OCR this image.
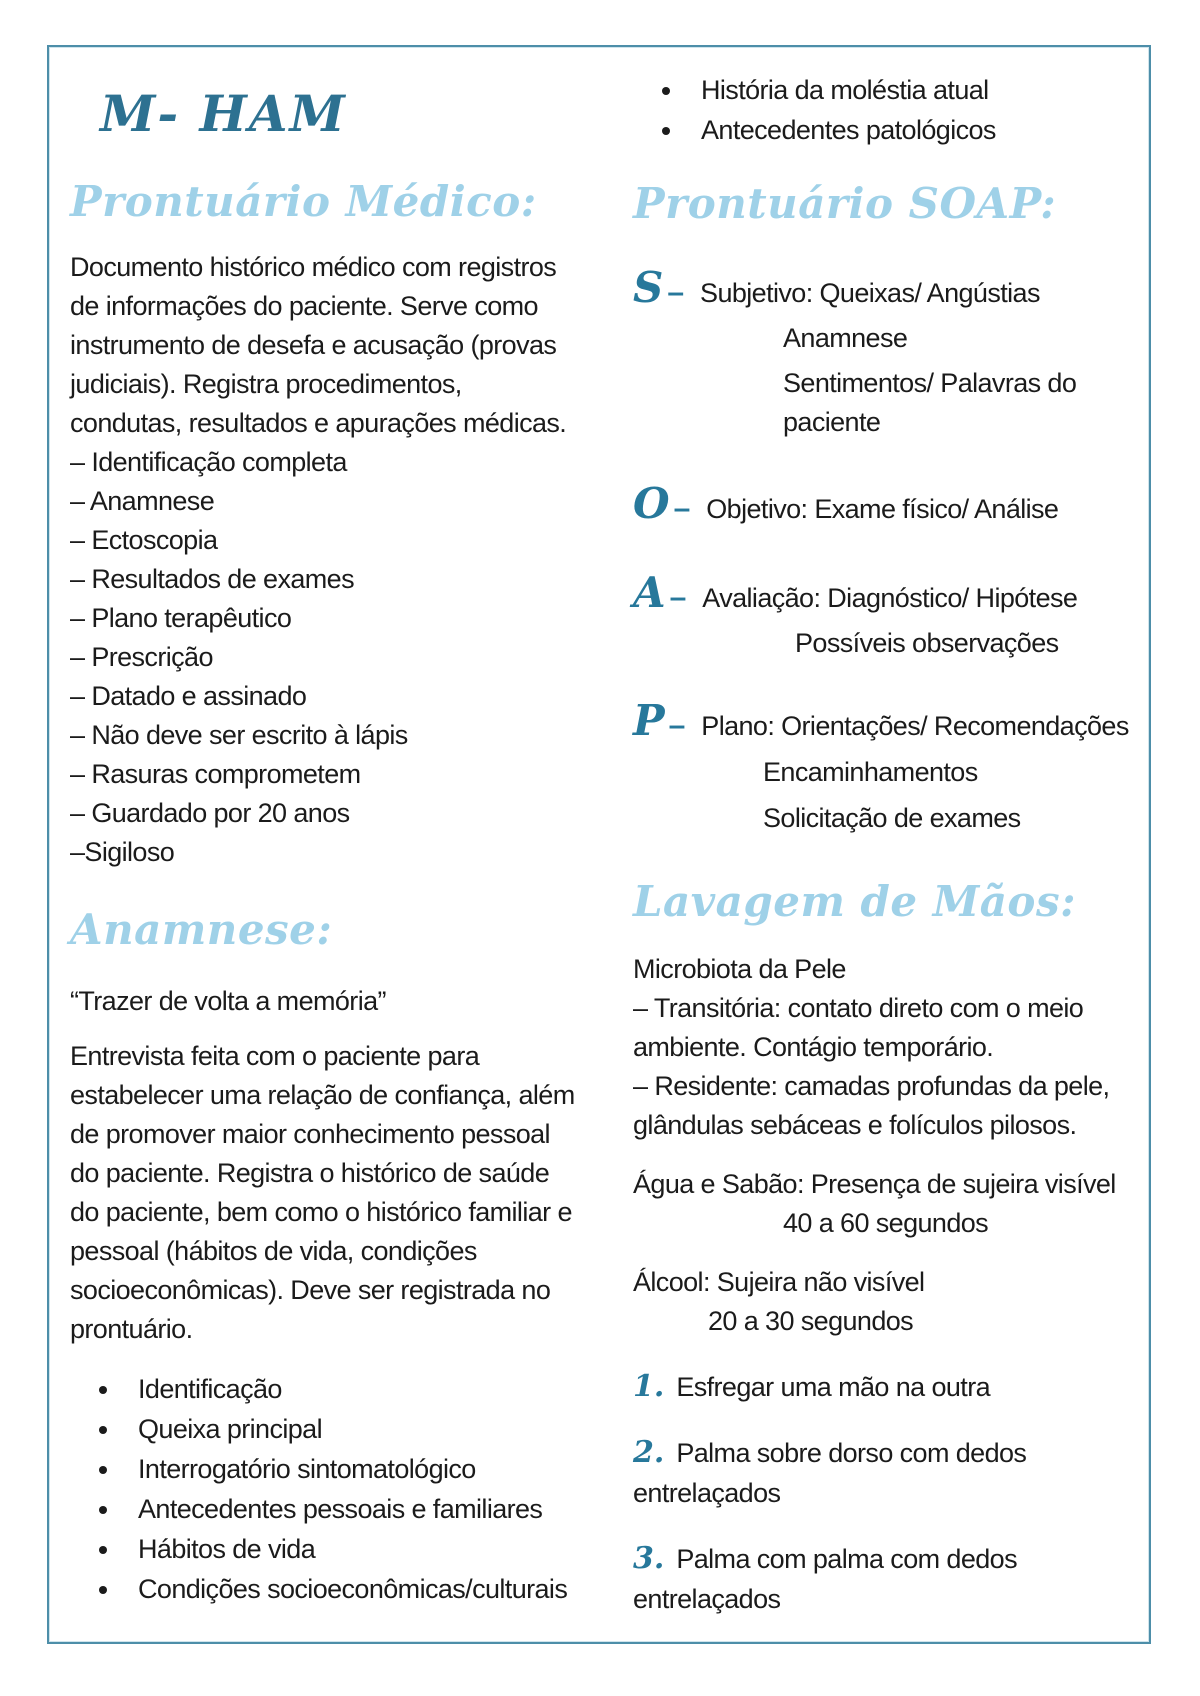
M- HAM
Prontuário Médico:

Documento histórico médico com registros de informações do paciente. Serve como instrumento de desefa e acusação (provas judiciais). Registra procedimentos, condutas, resultados e apurações médicas.

– Identificação completa
– Anamnese
– Ectoscopia
– Resultados de exames
– Plano terapêutico
– Prescrição
– Datado e assinado
– Não deve ser escrito à lápis
– Rasuras comprometem
– Guardado por 20 anos
–Sigiloso
Anamnese:

“Trazer de volta a memória”

Entrevista feita com o paciente para estabelecer uma relação de confiança, além de promover maior conhecimento pessoal do paciente. Registra o histórico de saúde do paciente, bem como o histórico familiar e pessoal (hábitos de vida, condições socioeconômicas). Deve ser registrada no prontuário.

• Identificação
• Queixa principal
• Interrogatório sintomatológico
• Antecedentes pessoais e familiares
• Hábitos de vida
• Condições socioeconômicas/culturais
• História da moléstia atual
• Antecedentes patológicos
Prontuário SOAP:
S – Subjetivo: Queixas/ Angústias
Anamnese
Sentimentos/ Palavras do paciente
O – Objetivo: Exame físico/ Análise
A – Avaliação: Diagnóstico/ Hipótese
Possíveis observações
P – Plano: Orientações/ Recomendações
Encaminhamentos
Solicitação de exames
Lavagem de Mãos:
Microbiota da Pele
– Transitória: contato direto com o meio ambiente. Contágio temporário.
– Residente: camadas profundas da pele, glândulas sebáceas e folículos pilosos.
Água e Sabão: Presença de sujeira visível
40 a 60 segundos
Álcool: Sujeira não visível
20 a 30 segundos
1. Esfregar uma mão na outra
2. Palma sobre dorso com dedos entrelaçados
3. Palma com palma com dedos entrelaçados
